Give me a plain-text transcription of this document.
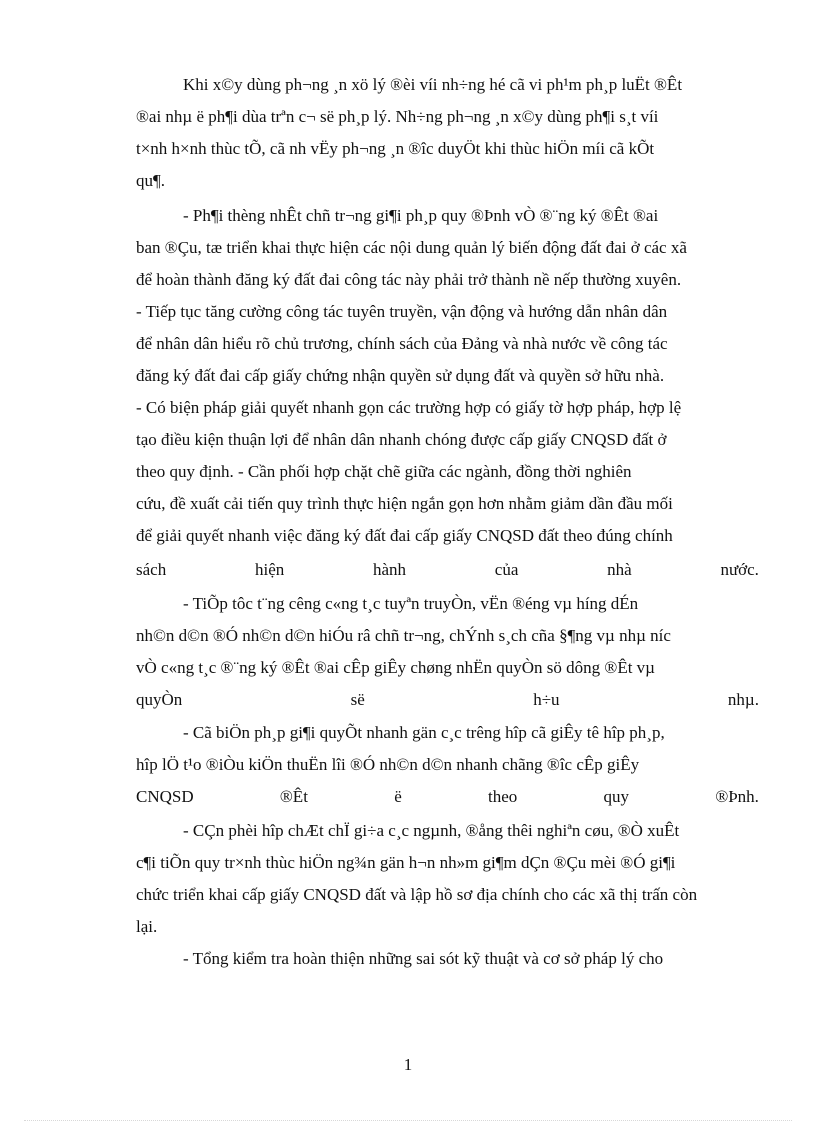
Khi x©y dùng ph¬ng ¸n xö lý ®èi víi nh÷ng hé cã vi ph¹m ph¸p luËt ®Êt
®ai nhµ ë ph¶i dùa trªn c¬ së ph¸p lý. Nh÷ng ph¬ng ¸n x©y dùng ph¶i s¸t víi
t×nh h×nh thùc tÕ, cã nh vËy ph¬ng ¸n ®îc duyÖt khi thùc hiÖn míi cã kÕt
qu¶.
- Ph¶i thèng nhÊt chñ tr¬ng gi¶i ph¸p quy ®Þnh vÒ ®¨ng ký ®Êt ®ai
ban ®Çu, tæ triển khai thực hiện các nội dung quản lý biến động đất đai ở các xã
để hoàn thành đăng ký đất đai công tác này phải trở thành nề nếp thường xuyên.
- Tiếp tục tăng cường công tác tuyên truyền, vận động và hướng dẫn nhân dân
để nhân dân hiểu rõ chủ trương, chính sách của Đảng và nhà nước về công tác
đăng ký đất đai cấp giấy chứng nhận quyền sử dụng đất và quyền sở hữu nhà.
- Có biện pháp giải quyết nhanh gọn các trường hợp có giấy tờ hợp pháp, hợp lệ
tạo điều kiện thuận lợi để nhân dân nhanh chóng được cấp giấy CNQSD đất ở
theo quy định. - Cần phối hợp chặt chẽ giữa các ngành, đồng thời nghiên
cứu, đề xuất cải tiến quy trình thực hiện ngắn gọn hơn nhằm giảm dần đầu mối
để giải quyết nhanh việc đăng ký đất đai cấp giấy CNQSD đất theo đúng chính
sách	hiện	hành	của	nhà	nước.
- TiÕp tôc t¨ng cêng c«ng t¸c tuyªn truyÒn, vËn ®éng vµ híng dÉn
nh©n d©n ®Ó nh©n d©n hiÓu râ chñ tr¬ng, chÝnh s¸ch cña §¶ng vµ nhµ níc
vÒ c«ng t¸c ®¨ng ký ®Êt ®ai cÊp giÊy chøng nhËn quyÒn sö dông ®Êt vµ
quyÒn	së	h÷u	nhµ.
- Cã biÖn ph¸p gi¶i quyÕt nhanh gän c¸c trêng hîp cã giÊy tê hîp ph¸p,
hîp lÖ t¹o ®iÒu kiÖn thuËn lîi ®Ó nh©n d©n nhanh chãng ®îc cÊp giÊy
CNQSD	®Êt	ë	theo	quy	®Þnh.
- CÇn phèi hîp chÆt chÏ gi÷a c¸c ngµnh, ®ång thêi nghiªn cøu, ®Ò xuÊt
c¶i tiÕn quy tr×nh thùc hiÖn ng¾n gän h¬n nh»m gi¶m dÇn ®Çu mèi ®Ó gi¶i
chức triển khai cấp giấy CNQSD đất và lập hồ sơ địa chính cho các xã thị trấn còn
lại.
- Tổng kiểm tra hoàn thiện những sai sót kỹ thuật và cơ sở pháp lý cho
1
